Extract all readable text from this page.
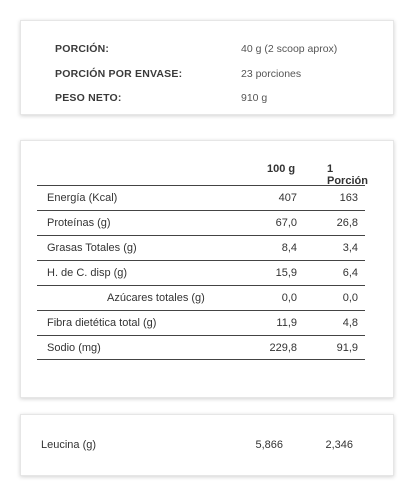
PORCIÓN:	40 g (2 scoop aprox)
PORCIÓN POR ENVASE:	23 porciones
PESO NETO:	910 g
100 g	1 Porción
Energía (Kcal)	407	163
Proteínas (g)	67,0	26,8
Grasas Totales (g)	8,4	3,4
H. de C. disp (g)	15,9	6,4
Azúcares totales (g)	0,0	0,0
Fibra dietética total (g)	11,9	4,8
Sodio (mg)	229,8	91,9
Leucina (g)	5,866	2,346
